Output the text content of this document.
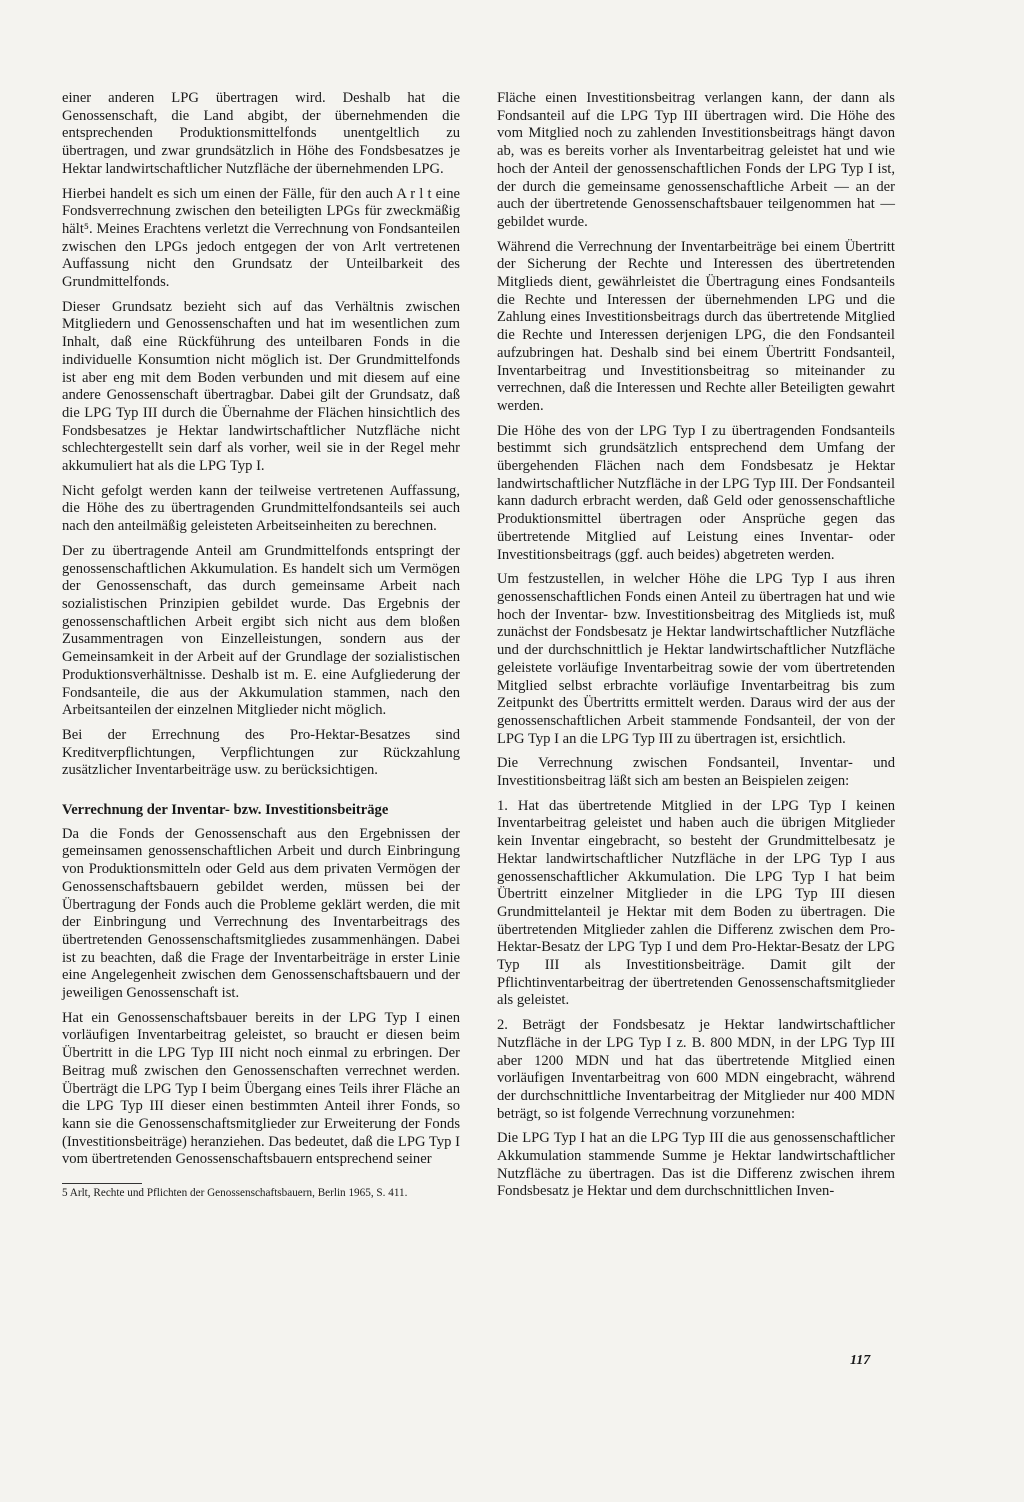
einer anderen LPG übertragen wird. Deshalb hat die Genossenschaft, die Land abgibt, der übernehmenden die entsprechenden Produktionsmittelfonds unentgeltlich zu übertragen, und zwar grundsätzlich in Höhe des Fondsbesatzes je Hektar landwirtschaftlicher Nutzfläche der übernehmenden LPG.

Hierbei handelt es sich um einen der Fälle, für den auch A r l t eine Fondsverrechnung zwischen den beteiligten LPGs für zweckmäßig hält⁵. Meines Erachtens verletzt die Verrechnung von Fondsanteilen zwischen den LPGs jedoch entgegen der von Arlt vertretenen Auffassung nicht den Grundsatz der Unteilbarkeit des Grundmittelfonds.

Dieser Grundsatz bezieht sich auf das Verhältnis zwischen Mitgliedern und Genossenschaften und hat im wesentlichen zum Inhalt, daß eine Rückführung des unteilbaren Fonds in die individuelle Konsumtion nicht möglich ist. Der Grundmittelfonds ist aber eng mit dem Boden verbunden und mit diesem auf eine andere Genossenschaft übertragbar. Dabei gilt der Grundsatz, daß die LPG Typ III durch die Übernahme der Flächen hinsichtlich des Fondsbesatzes je Hektar landwirtschaftlicher Nutzfläche nicht schlechtergestellt sein darf als vorher, weil sie in der Regel mehr akkumuliert hat als die LPG Typ I.

Nicht gefolgt werden kann der teilweise vertretenen Auffassung, die Höhe des zu übertragenden Grundmittelfondsanteils sei auch nach den anteilmäßig geleisteten Arbeitseinheiten zu berechnen.

Der zu übertragende Anteil am Grundmittelfonds entspringt der genossenschaftlichen Akkumulation. Es handelt sich um Vermögen der Genossenschaft, das durch gemeinsame Arbeit nach sozialistischen Prinzipien gebildet wurde. Das Ergebnis der genossenschaftlichen Arbeit ergibt sich nicht aus dem bloßen Zusammentragen von Einzelleistungen, sondern aus der Gemeinsamkeit in der Arbeit auf der Grundlage der sozialistischen Produktionsverhältnisse. Deshalb ist m. E. eine Aufgliederung der Fondsanteile, die aus der Akkumulation stammen, nach den Arbeitsanteilen der einzelnen Mitglieder nicht möglich.

Bei der Errechnung des Pro-Hektar-Besatzes sind Kreditverpflichtungen, Verpflichtungen zur Rückzahlung zusätzlicher Inventarbeiträge usw. zu berücksichtigen.

Verrechnung der Inventar- bzw. Investitionsbeiträge

Da die Fonds der Genossenschaft aus den Ergebnissen der gemeinsamen genossenschaftlichen Arbeit und durch Einbringung von Produktionsmitteln oder Geld aus dem privaten Vermögen der Genossenschaftsbauern gebildet werden, müssen bei der Übertragung der Fonds auch die Probleme geklärt werden, die mit der Einbringung und Verrechnung des Inventarbeitrags des übertretenden Genossenschaftsmitgliedes zusammenhängen. Dabei ist zu beachten, daß die Frage der Inventarbeiträge in erster Linie eine Angelegenheit zwischen dem Genossenschaftsbauern und der jeweiligen Genossenschaft ist.

Hat ein Genossenschaftsbauer bereits in der LPG Typ I einen vorläufigen Inventarbeitrag geleistet, so braucht er diesen beim Übertritt in die LPG Typ III nicht noch einmal zu erbringen. Der Beitrag muß zwischen den Genossenschaften verrechnet werden. Überträgt die LPG Typ I beim Übergang eines Teils ihrer Fläche an die LPG Typ III dieser einen bestimmten Anteil ihrer Fonds, so kann sie die Genossenschaftsmitglieder zur Erweiterung der Fonds (Investitionsbeiträge) heranziehen. Das bedeutet, daß die LPG Typ I vom übertretenden Genossenschaftsbauern entsprechend seiner

5 Arlt, Rechte und Pflichten der Genossenschaftsbauern, Berlin 1965, S. 411.

Fläche einen Investitionsbeitrag verlangen kann, der dann als Fondsanteil auf die LPG Typ III übertragen wird. Die Höhe des vom Mitglied noch zu zahlenden Investitionsbeitrags hängt davon ab, was es bereits vorher als Inventarbeitrag geleistet hat und wie hoch der Anteil der genossenschaftlichen Fonds der LPG Typ I ist, der durch die gemeinsame genossenschaftliche Arbeit — an der auch der übertretende Genossenschaftsbauer teilgenommen hat — gebildet wurde.

Während die Verrechnung der Inventarbeiträge bei einem Übertritt der Sicherung der Rechte und Interessen des übertretenden Mitglieds dient, gewährleistet die Übertragung eines Fondsanteils die Rechte und Interessen der übernehmenden LPG und die Zahlung eines Investitionsbeitrags durch das übertretende Mitglied die Rechte und Interessen derjenigen LPG, die den Fondsanteil aufzubringen hat. Deshalb sind bei einem Übertritt Fondsanteil, Inventarbeitrag und Investitionsbeitrag so miteinander zu verrechnen, daß die Interessen und Rechte aller Beteiligten gewahrt werden.

Die Höhe des von der LPG Typ I zu übertragenden Fondsanteils bestimmt sich grundsätzlich entsprechend dem Umfang der übergehenden Flächen nach dem Fondsbesatz je Hektar landwirtschaftlicher Nutzfläche in der LPG Typ III. Der Fondsanteil kann dadurch erbracht werden, daß Geld oder genossenschaftliche Produktionsmittel übertragen oder Ansprüche gegen das übertretende Mitglied auf Leistung eines Inventar- oder Investitionsbeitrags (ggf. auch beides) abgetreten werden.

Um festzustellen, in welcher Höhe die LPG Typ I aus ihren genossenschaftlichen Fonds einen Anteil zu übertragen hat und wie hoch der Inventar- bzw. Investitionsbeitrag des Mitglieds ist, muß zunächst der Fondsbesatz je Hektar landwirtschaftlicher Nutzfläche und der durchschnittlich je Hektar landwirtschaftlicher Nutzfläche geleistete vorläufige Inventarbeitrag sowie der vom übertretenden Mitglied selbst erbrachte vorläufige Inventarbeitrag bis zum Zeitpunkt des Übertritts ermittelt werden. Daraus wird der aus der genossenschaftlichen Arbeit stammende Fondsanteil, der von der LPG Typ I an die LPG Typ III zu übertragen ist, ersichtlich.

Die Verrechnung zwischen Fondsanteil, Inventar- und Investitionsbeitrag läßt sich am besten an Beispielen zeigen:

1. Hat das übertretende Mitglied in der LPG Typ I keinen Inventarbeitrag geleistet und haben auch die übrigen Mitglieder kein Inventar eingebracht, so besteht der Grundmittelbesatz je Hektar landwirtschaftlicher Nutzfläche in der LPG Typ I aus genossenschaftlicher Akkumulation. Die LPG Typ I hat beim Übertritt einzelner Mitglieder in die LPG Typ III diesen Grundmittelanteil je Hektar mit dem Boden zu übertragen. Die übertretenden Mitglieder zahlen die Differenz zwischen dem Pro-Hektar-Besatz der LPG Typ I und dem Pro-Hektar-Besatz der LPG Typ III als Investitionsbeiträge. Damit gilt der Pflichtinventarbeitrag der übertretenden Genossenschaftsmitglieder als geleistet.

2. Beträgt der Fondsbesatz je Hektar landwirtschaftlicher Nutzfläche in der LPG Typ I z. B. 800 MDN, in der LPG Typ III aber 1200 MDN und hat das übertretende Mitglied einen vorläufigen Inventarbeitrag von 600 MDN eingebracht, während der durchschnittliche Inventarbeitrag der Mitglieder nur 400 MDN beträgt, so ist folgende Verrechnung vorzunehmen:

Die LPG Typ I hat an die LPG Typ III die aus genossenschaftlicher Akkumulation stammende Summe je Hektar landwirtschaftlicher Nutzfläche zu übertragen. Das ist die Differenz zwischen ihrem Fondsbesatz je Hektar und dem durchschnittlichen Inven-

117
